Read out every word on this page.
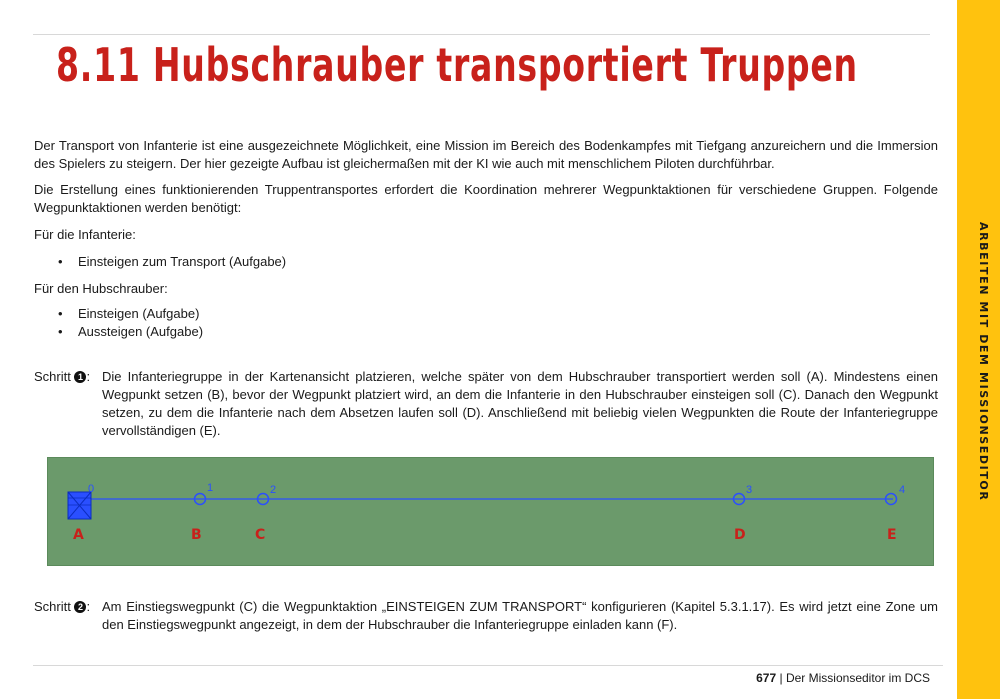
8.11 Hubschrauber transportiert Truppen

Der Transport von Infanterie ist eine ausgezeichnete Möglichkeit, eine Mission im Bereich des Bodenkampfes mit Tiefgang anzureichern und die Immersion des Spielers zu steigern. Der hier gezeigte Aufbau ist gleichermaßen mit der KI wie auch mit menschlichem Piloten durchführbar.

Die Erstellung eines funktionierenden Truppentransportes erfordert die Koordination mehrerer Wegpunktaktionen für verschiedene Gruppen. Folgende Wegpunktaktionen werden benötigt:

Für die Infanterie:

• Einsteigen zum Transport (Aufgabe)

Für den Hubschrauber:

• Einsteigen (Aufgabe)
• Aussteigen (Aufgabe)
Schritt 1 : Die Infanteriegruppe in der Kartenansicht platzieren, welche später von dem Hubschrauber transportiert werden soll (A). Mindestens einen Wegpunkt setzen (B), bevor der Wegpunkt platziert wird, an dem die Infanterie in den Hubschrauber einsteigen soll (C). Danach den Wegpunkt setzen, zu dem die Infanterie nach dem Absetzen laufen soll (D). Anschließend mit beliebig vielen Wegpunkten die Route der Infanteriegruppe vervollständigen (E).
0	1	2	3	4
A	B	C	D	E
Schritt 2 : Am Einstiegswegpunkt (C) die Wegpunktaktion „EINSTEIGEN ZUM TRANSPORT“ konfigurieren (Kapitel 5.3.1.17). Es wird jetzt eine Zone um den Einstiegswegpunkt angezeigt, in dem der Hubschrauber die Infanteriegruppe einladen kann (F).
677 | Der Missionseditor im DCS
ARBEITEN MIT DEM MISSIONSEDITOR
